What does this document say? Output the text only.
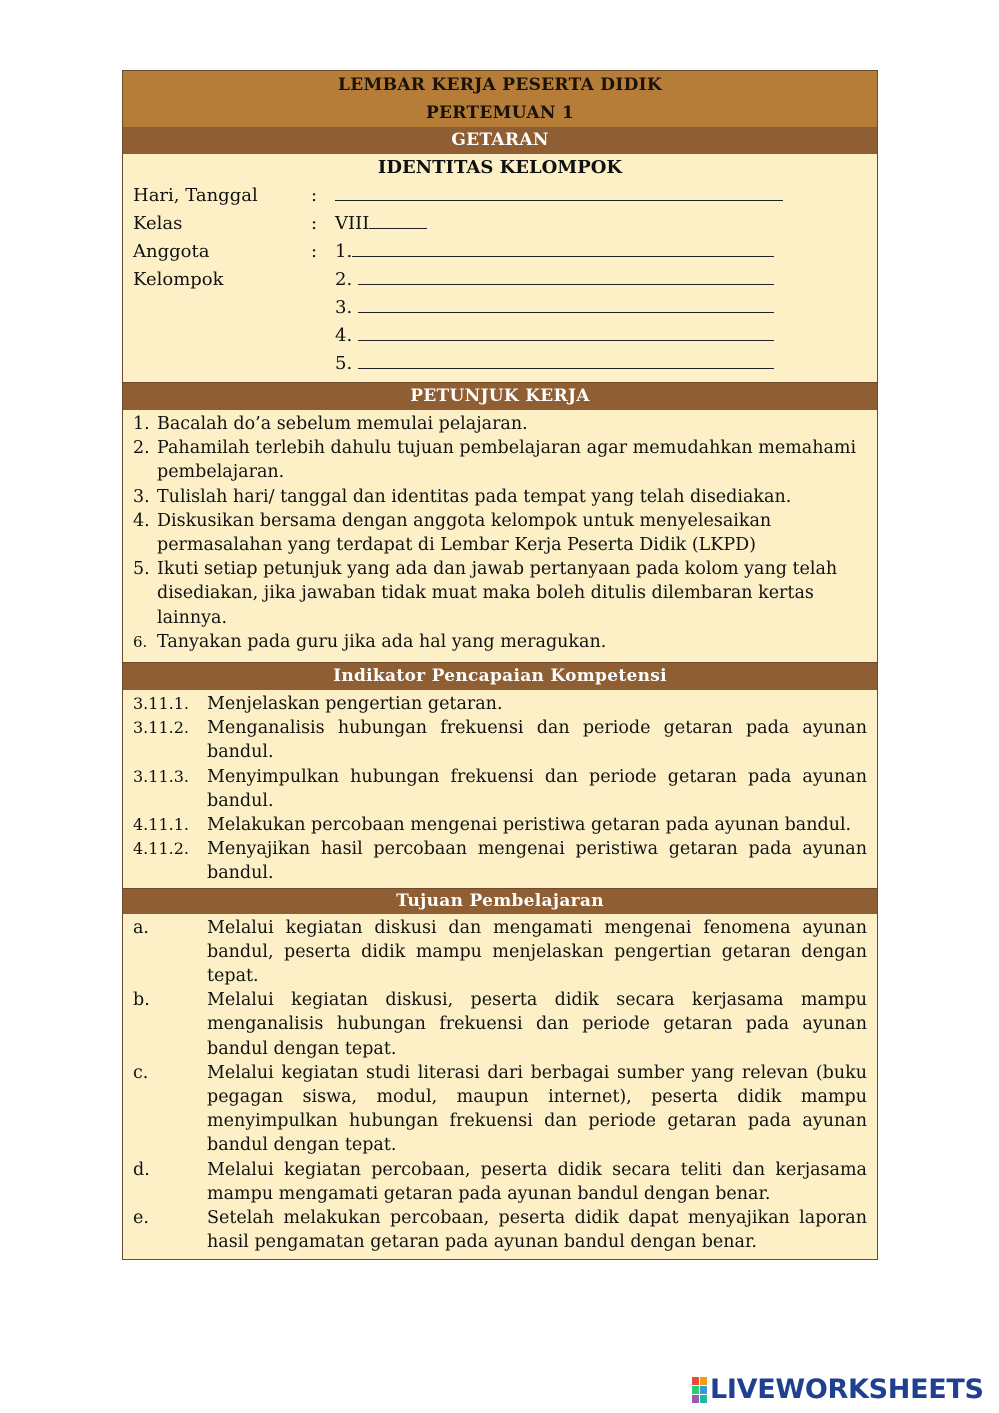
LEMBAR KERJA PESERTA DIDIK
PERTEMUAN 1
GETARAN
IDENTITAS KELOMPOK
Hari, Tanggal	:
Kelas	: VIII
Anggota	: 1.
Kelompok	2.
3.
4.
5.
PETUNJUK KERJA
1. Bacalah do’a sebelum memulai pelajaran.
2. Pahamilah terlebih dahulu tujuan pembelajaran agar memudahkan memahami pembelajaran.
3. Tulislah hari/ tanggal dan identitas pada tempat yang telah disediakan.
4. Diskusikan bersama dengan anggota kelompok untuk menyelesaikan permasalahan yang terdapat di Lembar Kerja Peserta Didik (LKPD)
5. Ikuti setiap petunjuk yang ada dan jawab pertanyaan pada kolom yang telah disediakan, jika jawaban tidak muat maka boleh ditulis dilembaran kertas lainnya.
6. Tanyakan pada guru jika ada hal yang meragukan.
Indikator Pencapaian Kompetensi
3.11.1.	Menjelaskan pengertian getaran.
3.11.2.	Menganalisis hubungan frekuensi dan periode getaran pada ayunan bandul.
3.11.3.	Menyimpulkan hubungan frekuensi dan periode getaran pada ayunan bandul.
4.11.1.	Melakukan percobaan mengenai peristiwa getaran pada ayunan bandul.
4.11.2.	Menyajikan hasil percobaan mengenai peristiwa getaran pada ayunan bandul.
Tujuan Pembelajaran
a.	Melalui kegiatan diskusi dan mengamati mengenai fenomena ayunan bandul, peserta didik mampu menjelaskan pengertian getaran dengan tepat.
b.	Melalui kegiatan diskusi, peserta didik secara kerjasama mampu menganalisis hubungan frekuensi dan periode getaran pada ayunan bandul dengan tepat.
c.	Melalui kegiatan studi literasi dari berbagai sumber yang relevan (buku pegagan siswa, modul, maupun internet), peserta didik mampu menyimpulkan hubungan frekuensi dan periode getaran pada ayunan bandul dengan tepat.
d.	Melalui kegiatan percobaan, peserta didik secara teliti dan kerjasama mampu mengamati getaran pada ayunan bandul dengan benar.
e.	Setelah melakukan percobaan, peserta didik dapat menyajikan laporan hasil pengamatan getaran pada ayunan bandul dengan benar.
LIVEWORKSHEETS
